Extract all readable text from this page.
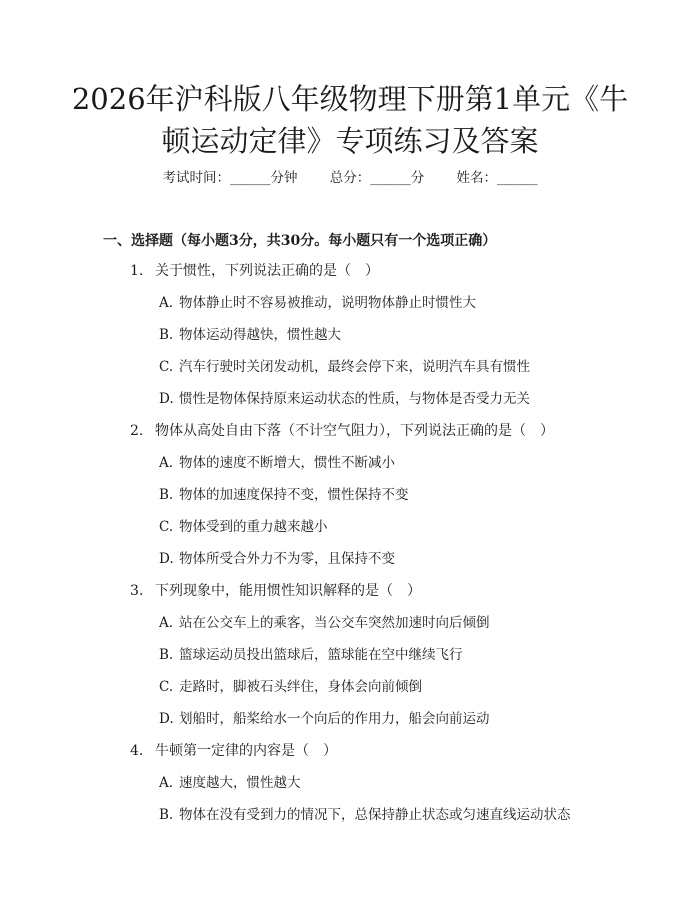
2026年沪科版八年级物理下册第1单元《牛
顿运动定律》专项练习及答案
考试时间：______分钟 总分：______分 姓名：______
一、选择题（每小题3分，共30分。每小题只有一个选项正确）
1. 关于惯性，下列说法正确的是（　）
A. 物体静止时不容易被推动，说明物体静止时惯性大
B. 物体运动得越快，惯性越大
C. 汽车行驶时关闭发动机，最终会停下来，说明汽车具有惯性
D. 惯性是物体保持原来运动状态的性质，与物体是否受力无关
2. 物体从高处自由下落（不计空气阻力），下列说法正确的是（　）
A. 物体的速度不断增大，惯性不断减小
B. 物体的加速度保持不变，惯性保持不变
C. 物体受到的重力越来越小
D. 物体所受合外力不为零，且保持不变
3. 下列现象中，能用惯性知识解释的是（　）
A. 站在公交车上的乘客，当公交车突然加速时向后倾倒
B. 篮球运动员投出篮球后，篮球能在空中继续飞行
C. 走路时，脚被石头绊住，身体会向前倾倒
D. 划船时，船桨给水一个向后的作用力，船会向前运动
4. 牛顿第一定律的内容是（　）
A. 速度越大，惯性越大
B. 物体在没有受到力的情况下，总保持静止状态或匀速直线运动状态
